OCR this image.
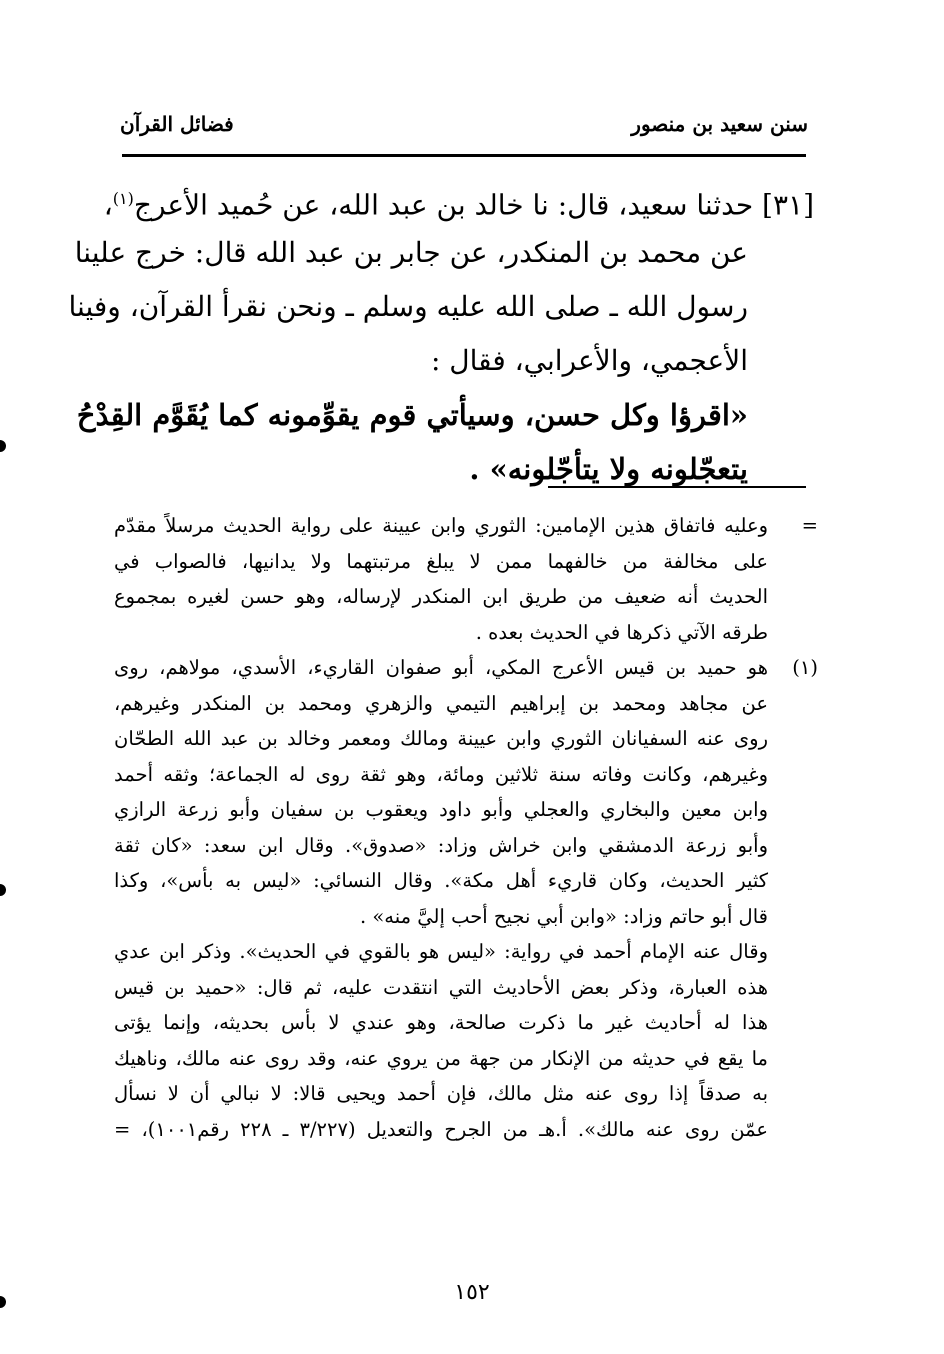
سنن سعيد بن منصور
فضائل القرآن
[٣١] حدثنا سعيد، قال: نا خالد بن عبد الله، عن حُميد الأعرج$^{(١)}$،
عن محمد بن المنكدر، عن جابر بن عبد الله قال: خرج علينا
رسول الله ـ صلى الله عليه وسلم ـ ونحن نقرأ القرآن، وفينا
الأعجمي، والأعرابي، فقال :
«اقرؤا وكل حسن، وسيأتي قوم يقوِّمونه كما يُقَوَّم القِدْحُ
يتعجّلونه ولا يتأجّلونه» .
=
وعليه فاتفاق هذين الإمامين: الثوري وابن عيينة على رواية الحديث مرسلاً مقدّم
على مخالفة من خالفهما ممن لا يبلغ مرتبتهما ولا يدانيها، فالصواب في
الحديث أنه ضعيف من طريق ابن المنكدر لإرساله، وهو حسن لغيره بمجموع
طرقه الآتي ذكرها في الحديث بعده .
(١)
هو حميد بن قيس الأعرج المكي، أبو صفوان القاريء، الأسدي، مولاهم، روى
عن مجاهد ومحمد بن إبراهيم التيمي والزهري ومحمد بن المنكدر وغيرهم،
روى عنه السفيانان الثوري وابن عيينة ومالك ومعمر وخالد بن عبد الله الطحّان
وغيرهم، وكانت وفاته سنة ثلاثين ومائة، وهو ثقة روى له الجماعة؛ وثقه أحمد
وابن معين والبخاري والعجلي وأبو داود ويعقوب بن سفيان وأبو زرعة الرازي
وأبو زرعة الدمشقي وابن خراش وزاد: «صدوق». وقال ابن سعد: «كان ثقة
كثير الحديث، وكان قاريء أهل مكة». وقال النسائي: «ليس به بأس»، وكذا
قال أبو حاتم وزاد: «وابن أبي نجيح أحب إليَّ منه» .
وقال عنه الإمام أحمد في رواية: «ليس هو بالقوي في الحديث». وذكر ابن عدي
هذه العبارة، وذكر بعض الأحاديث التي انتقدت عليه، ثم قال: «حميد بن قيس
هذا له أحاديث غير ما ذكرت صالحة، وهو عندي لا بأس بحديثه، وإنما يؤتى
ما يقع في حديثه من الإنكار من جهة من يروي عنه، وقد روى عنه مالك، وناهيك
به صدقاً إذا روى عنه مثل مالك، فإن أحمد ويحيى قالا: لا نبالي أن لا نسأل
عمّن روى عنه مالك». أ.هـ من الجرح والتعديل (٣/٢٢٧ ـ ٢٢٨ رقم١٠٠١)، =
١٥٢
